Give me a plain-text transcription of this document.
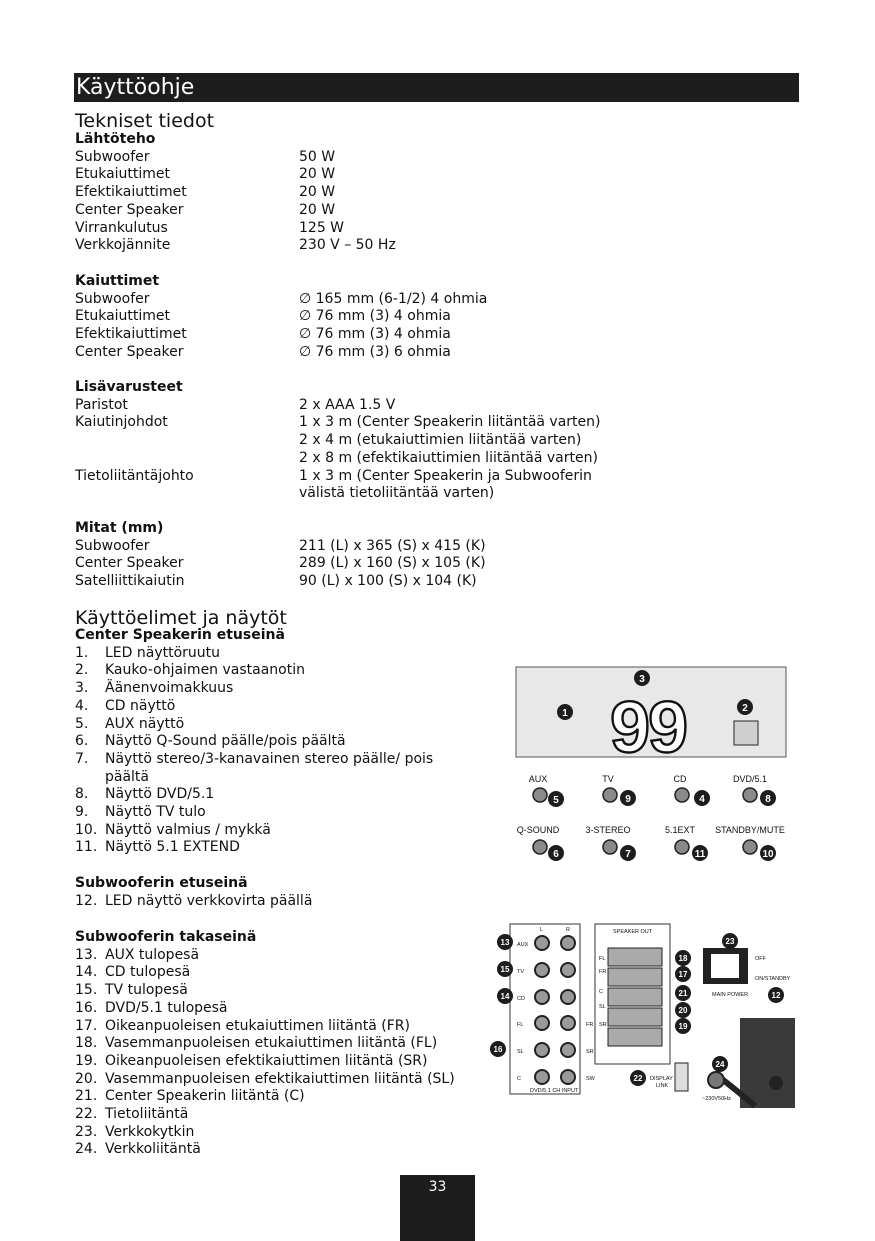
Käyttöohje
Tekniset tiedot
Lähtöteho
Subwoofer	50 W
Etukaiuttimet	20 W
Efektikaiuttimet	20 W
Center Speaker	20 W
Virrankulutus	125 W
Verkkojännite	230 V – 50 Hz
Kaiuttimet
Subwoofer	∅ 165 mm (6-1/2) 4 ohmia
Etukaiuttimet	∅ 76 mm (3) 4 ohmia
Efektikaiuttimet	∅ 76 mm (3) 4 ohmia
Center Speaker	∅ 76 mm (3) 6 ohmia
Lisävarusteet
Paristot	2 x AAA 1.5 V
Kaiutinjohdot	1 x 3 m (Center Speakerin liitäntää varten)
2 x 4 m (etukaiuttimien liitäntää varten)
2 x 8 m (efektikaiuttimien liitäntää varten)
Tietoliitäntäjohto	1 x 3 m (Center Speakerin ja Subwooferin
välistä tietoliitäntää varten)
Mitat (mm)
Subwoofer	211 (L) x 365 (S) x 415 (K)
Center Speaker	289 (L) x 160 (S) x 105 (K)
Satelliittikaiutin	90 (L) x 100 (S) x 104 (K)
Käyttöelimet ja näytöt
Center Speakerin etuseinä
1.	LED näyttöruutu
2.	Kauko-ohjaimen vastaanotin
3.	Äänenvoimakkuus
4.	CD näyttö
5.	AUX näyttö
6.	Näyttö Q-Sound päälle/pois päältä
7.	Näyttö stereo/3-kanavainen stereo päälle/ pois päältä
8.	Näyttö DVD/5.1
9.	Näyttö TV tulo
10. Näyttö valmius / mykkä
11. Näyttö 5.1 EXTEND
Subwooferin etuseinä
12. LED näyttö verkkovirta päällä
Subwooferin takaseinä
13. AUX tulopesä
14. CD tulopesä
15. TV tulopesä
16. DVD/5.1 tulopesä
17. Oikeanpuoleisen etukaiuttimen liitäntä (FR)
18. Vasemmanpuoleisen etukaiuttimen liitäntä (FL)
19. Oikeanpuoleisen efektikaiuttimen liitäntä (SR)
20. Vasemmanpuoleisen efektikaiuttimen liitäntä (SL)
21. Center Speakerin liitäntä (C)
22. Tietoliitäntä
23. Verkkokytkin
24. Verkkoliitäntä
99
3
1	2
5	9	4	8
6	7	11	10
AUX	TV	CD	DVD/5.1
Q-SOUND	3-STEREO	5.1EXT STANDBY/MUTE
L	R
AUX
TV
CD
FL
SL
C
FR
SR
SW
DVD/5.1 CH INPUT
SPEAKER OUT
FL
FR
C
SL
SR
DISPLAY
LINK
OFF
ON/STANDBY
MAIN POWER
~230V50Hz
13
15
14
16
18
17
21
20
19
22
23
12
24
33
